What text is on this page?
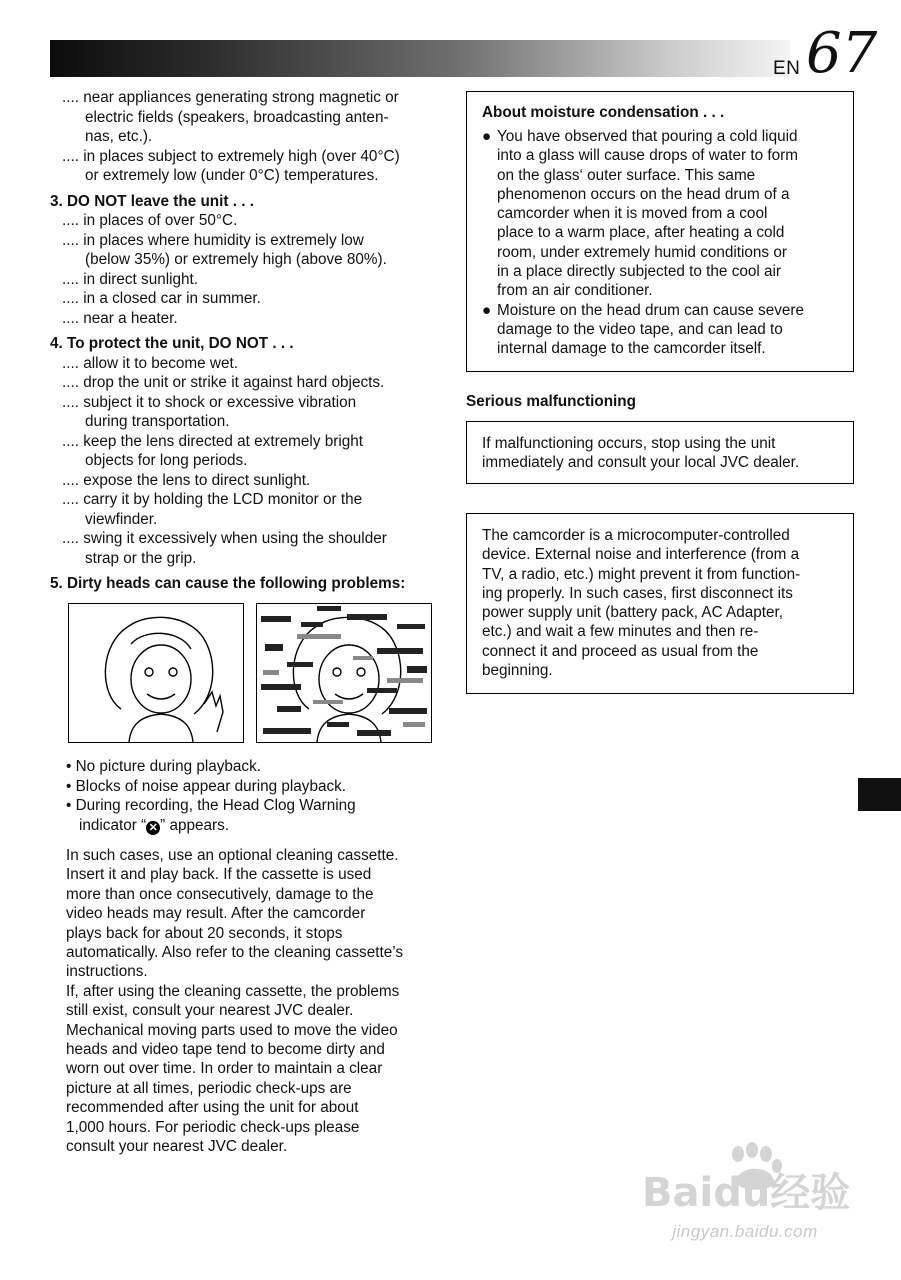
EN 67
.... near appliances generating strong magnetic or
electric fields (speakers, broadcasting anten-
nas, etc.).
.... in places subject to extremely high (over 40°C)
or extremely low (under 0°C) temperatures.
3. DO NOT leave the unit . . .
.... in places of over 50°C.
.... in places where humidity is extremely low
(below 35%) or extremely high (above 80%).
.... in direct sunlight.
.... in a closed car in summer.
.... near a heater.
4. To protect the unit, DO NOT . . .
.... allow it to become wet.
.... drop the unit or strike it against hard objects.
.... subject it to shock or excessive vibration
during transportation.
.... keep the lens directed at extremely bright
objects for long periods.
.... expose the lens to direct sunlight.
.... carry it by holding the LCD monitor or the
viewfinder.
.... swing it excessively when using the shoulder
strap or the grip.
5. Dirty heads can cause the following problems:
• No picture during playback.
• Blocks of noise appear during playback.
• During recording, the Head Clog Warning
indicator “ ✕ ” appears.
In such cases, use an optional cleaning cassette.
Insert it and play back. If the cassette is used
more than once consecutively, damage to the
video heads may result. After the camcorder
plays back for about 20 seconds, it stops
automatically. Also refer to the cleaning cassette’s
instructions.
If, after using the cleaning cassette, the problems
still exist, consult your nearest JVC dealer.
Mechanical moving parts used to move the video
heads and video tape tend to become dirty and
worn out over time. In order to maintain a clear
picture at all times, periodic check-ups are
recommended after using the unit for about
1,000 hours. For periodic check-ups please
consult your nearest JVC dealer.
About moisture condensation . . .
● You have observed that pouring a cold liquid
into a glass will cause drops of water to form
on the glass‘ outer surface. This same
phenomenon occurs on the head drum of a
camcorder when it is moved from a cool
place to a warm place, after heating a cold
room, under extremely humid conditions or
in a place directly subjected to the cool air
from an air conditioner.
● Moisture on the head drum can cause severe
damage to the video tape, and can lead to
internal damage to the camcorder itself.
Serious malfunctioning
If malfunctioning occurs, stop using the unit
immediately and consult your local JVC dealer.
The camcorder is a microcomputer-controlled
device. External noise and interference (from a
TV, a radio, etc.) might prevent it from function-
ing properly. In such cases, first disconnect its
power supply unit (battery pack, AC Adapter,
etc.) and wait a few minutes and then re-
connect it and proceed as usual from the
beginning.
Baidu经验
jingyan.baidu.com
